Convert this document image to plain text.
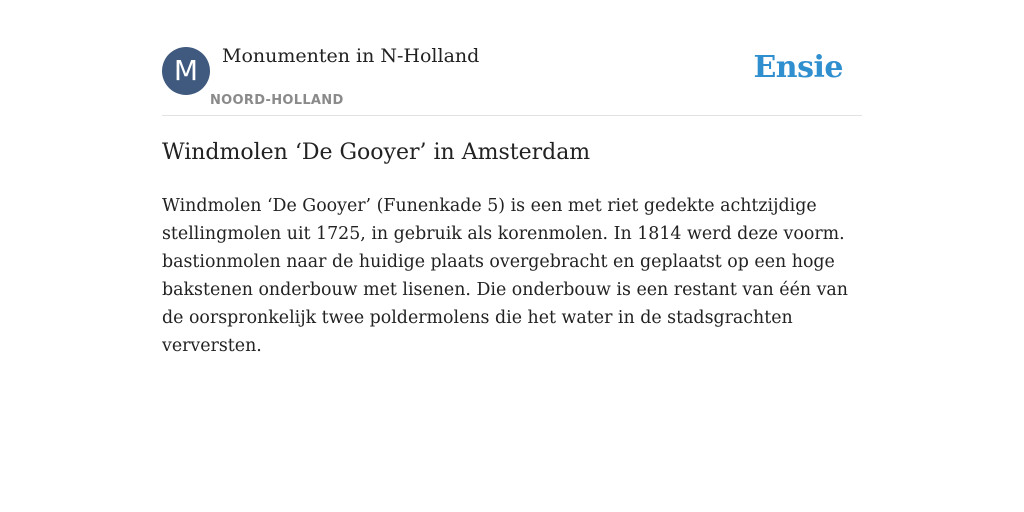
M	Monumenten in N-Holland
NOORD-HOLLAND
Ensie
Windmolen ‘De Gooyer’ in Amsterdam

Windmolen ‘De Gooyer’ (Funenkade 5) is een met riet gedekte achtzijdige stellingmolen uit 1725, in gebruik als korenmolen. In 1814 werd deze voorm. bastionmolen naar de huidige plaats overgebracht en geplaatst op een hoge bakstenen onderbouw met lisenen. Die onderbouw is een restant van één van de oorspronkelijk twee poldermolens die het water in de stadsgrachten verversten.
